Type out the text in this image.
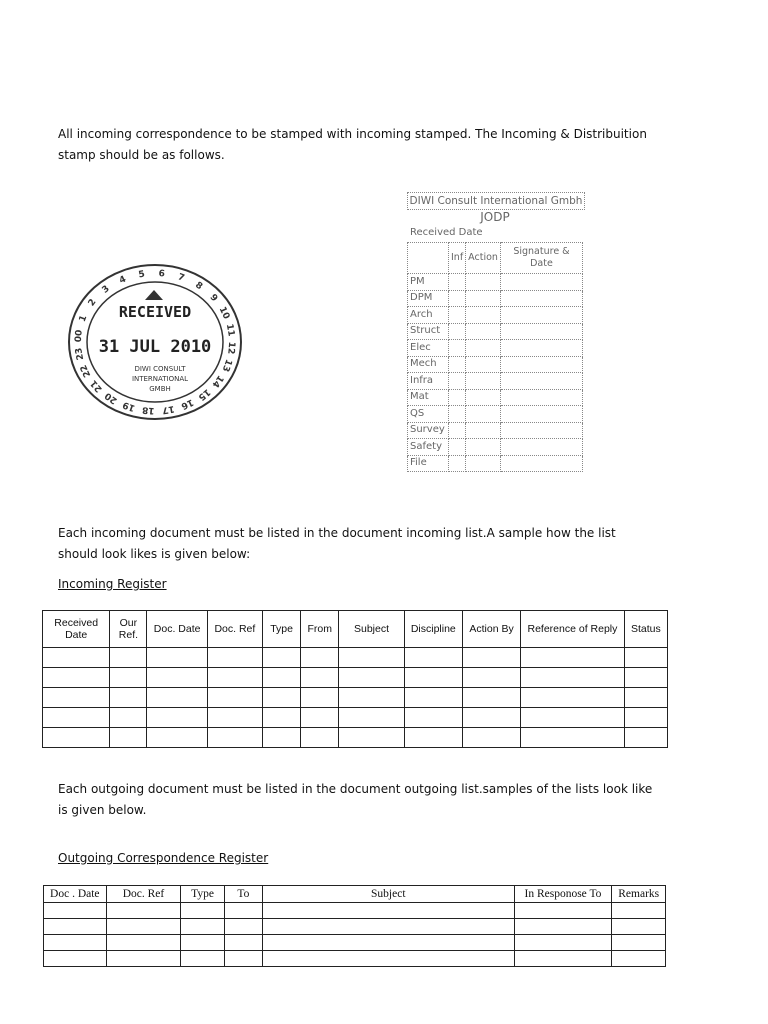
All incoming correspondence to be stamped with incoming stamped. The Incoming & Distribuition stamp should be as follows.

1
2
3
4 5 6 7
8
9
10
11
12
13
14
15
16
17
18
19
20
21
22
23
00
RECEIVED
31 JUL 2010
DIWI CONSULT
INTERNATIONAL
GMBH
DIWI Consult International Gmbh
JODP
Received Date
	Inf	Action	Signature & Date
PM			
DPM			
Arch			
Struct			
Elec			
Mech			
Infra			
Mat			
QS			
Survey			
Safety			
File			

Each incoming document must be listed in the document incoming list.A sample how the list should look likes is given below:

Incoming Register

Received Date	Our Ref.	Doc. Date	Doc. Ref	Type	From	Subject	Discipline	Action By	Reference of Reply	Status

Each outgoing document must be listed in the document outgoing list.samples of the lists look like is given below.

Outgoing Correspondence Register

Doc . Date	Doc. Ref	Type	To	Subject	In Responose To	Remarks
